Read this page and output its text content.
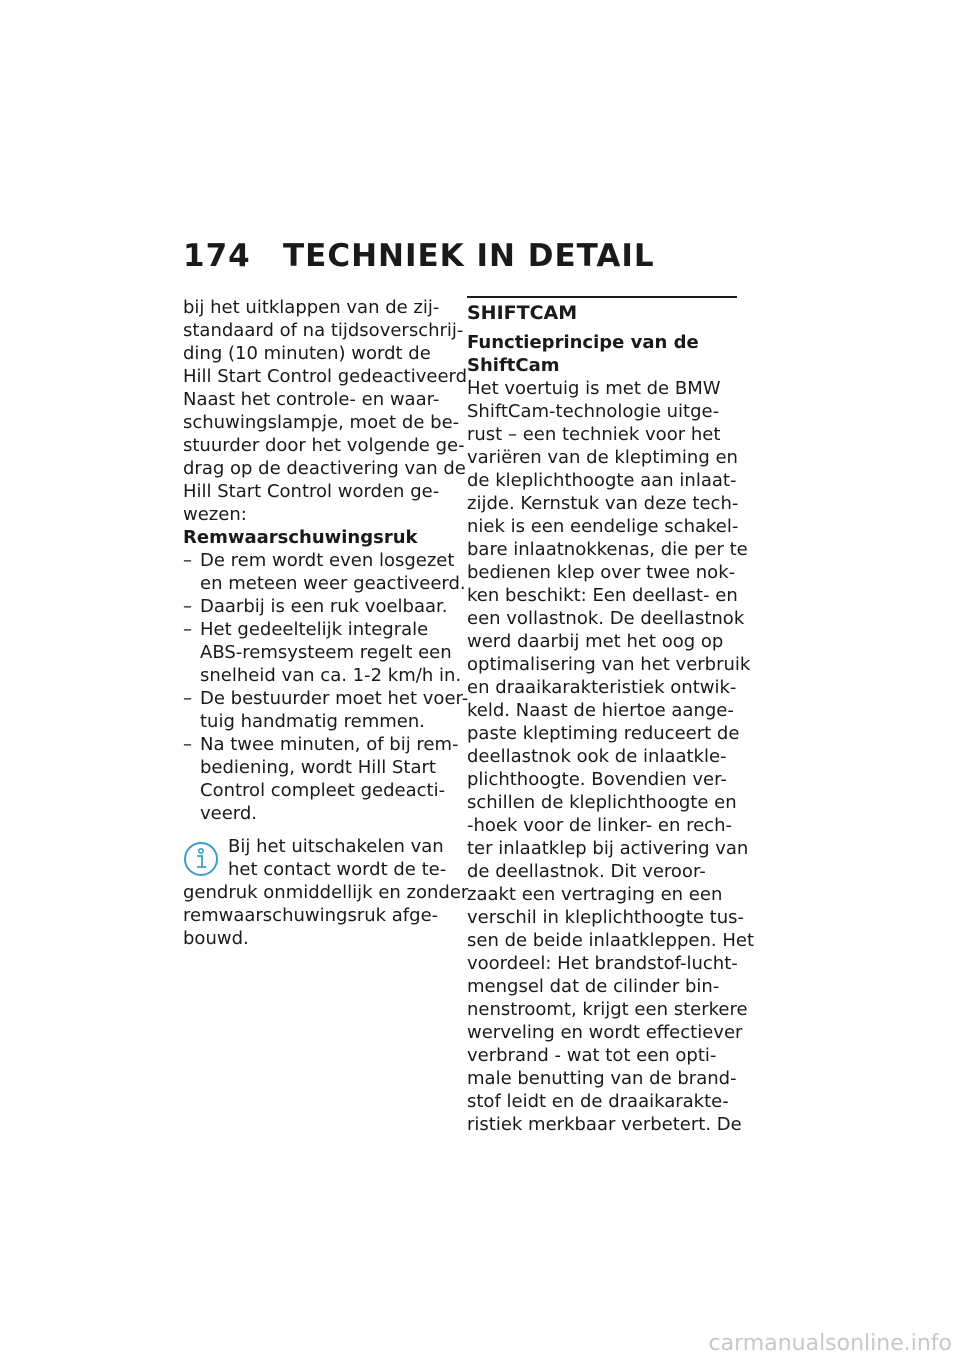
174 TECHNIEK IN DETAIL
bij het uitklappen van de zij-
standaard of na tijdsoverschrij-
ding (10 minuten) wordt de
Hill Start Control gedeactiveerd.
Naast het controle- en waar-
schuwingslampje, moet de be-
stuurder door het volgende ge-
drag op de deactivering van de
Hill Start Control worden ge-
wezen:
Remwaarschuwingsruk
– De rem wordt even losgezet
en meteen weer geactiveerd.
– Daarbij is een ruk voelbaar.
– Het gedeeltelijk integrale
ABS-remsysteem regelt een
snelheid van ca. 1-2 km/h in.
– De bestuurder moet het voer-
tuig handmatig remmen.
– Na twee minuten, of bij rem-
bediening, wordt Hill Start
Control compleet gedeacti-
veerd.
Bij het uitschakelen van
het contact wordt de te-
gendruk onmiddellijk en zonder
remwaarschuwingsruk afge-
bouwd.
SHIFTCAM
Functieprincipe van de
ShiftCam
Het voertuig is met de BMW
ShiftCam-technologie uitge-
rust – een techniek voor het
variëren van de kleptiming en
de kleplichthoogte aan inlaat-
zijde. Kernstuk van deze tech-
niek is een eendelige schakel-
bare inlaatnokkenas, die per te
bedienen klep over twee nok-
ken beschikt: Een deellast- en
een vollastnok. De deellastnok
werd daarbij met het oog op
optimalisering van het verbruik
en draaikarakteristiek ontwik-
keld. Naast de hiertoe aange-
paste kleptiming reduceert de
deellastnok ook de inlaatkle-
plichthoogte. Bovendien ver-
schillen de kleplichthoogte en
-hoek voor de linker- en rech-
ter inlaatklep bij activering van
de deellastnok. Dit veroor-
zaakt een vertraging en een
verschil in kleplichthoogte tus-
sen de beide inlaatkleppen. Het
voordeel: Het brandstof-lucht-
mengsel dat de cilinder bin-
nenstroomt, krijgt een sterkere
werveling en wordt effectiever
verbrand - wat tot een opti-
male benutting van de brand-
stof leidt en de draaikarakte-
ristiek merkbaar verbetert. De
carmanualsonline.info
